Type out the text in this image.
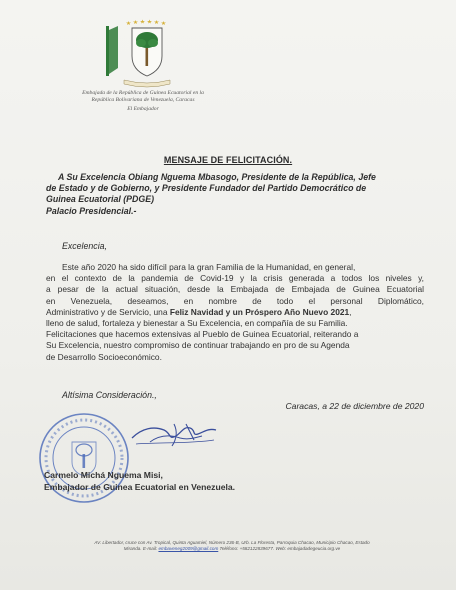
Embajada de la República de Guinea Ecuatorial en la
República Bolivariana de Venezuela, Caracas
El Embajador
MENSAJE DE FELICITACIÓN.
A Su Excelencia Obiang Nguema Mbasogo, Presidente de la República, Jefe
de Estado y de Gobierno, y Presidente Fundador del Partido Democrático de
Guinea Ecuatorial (PDGE)
Palacio Presidencial.-
Excelencia,
Este año 2020 ha sido difícil para la gran Familia de la Humanidad, en general,
en el contexto de la pandemia de Covid-19 y la crisis generada a todos los niveles y,
a pesar de la actual situación, desde la Embajada de Embajada de Guinea Ecuatorial
en Venezuela, deseamos, en nombre de todo el personal Diplomático,
Administrativo y de Servicio, una Feliz Navidad y un Próspero Año Nuevo 2021,
lleno de salud, fortaleza y bienestar a Su Excelencia, en compañía de su Familia.
Felicitaciones que hacemos extensivas al Pueblo de Guinea Ecuatorial, reiterando a
Su Excelencia, nuestro compromiso de continuar trabajando en pro de su Agenda
de Desarrollo Socioeconómico.
Altísima Consideración.,
Caracas, a 22 de diciembre de 2020
Carmelo Michá Nguema Misi,
Embajador de Guinea Ecuatorial en Venezuela.
AV. Libertador, cruce con Av. Tropical, Quinta Aguamiel, Número 236-B, Urb. La Floresta, Parroquia Chacao, Municipio Chacao, Estado
Miranda. E-mail: embaveneg2009@gmail.com Teléfono: +582122839677. Web: embajadadegeucia.org.ve
